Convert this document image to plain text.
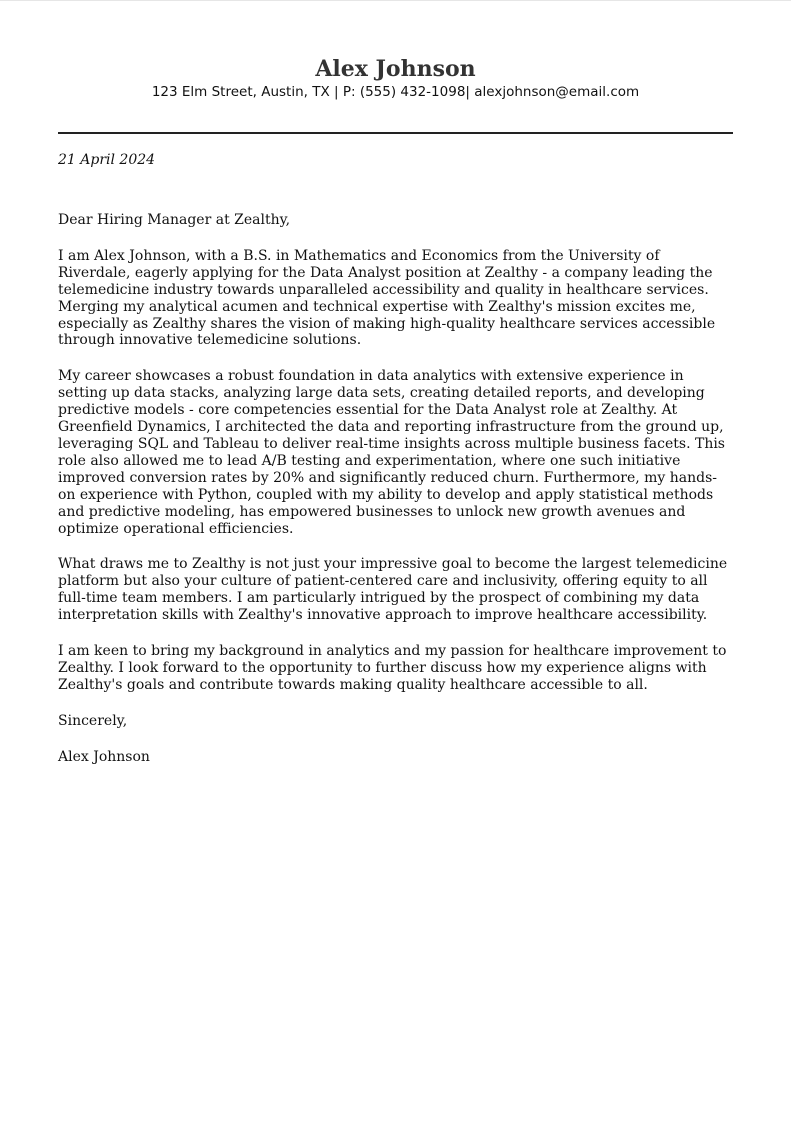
Alex Johnson
123 Elm Street, Austin, TX | P: (555) 432-1098| alexjohnson@email.com
21 April 2024

Dear Hiring Manager at Zealthy,

I am Alex Johnson, with a B.S. in Mathematics and Economics from the University of Riverdale, eagerly applying for the Data Analyst position at Zealthy - a company leading the telemedicine industry towards unparalleled accessibility and quality in healthcare services. Merging my analytical acumen and technical expertise with Zealthy's mission excites me, especially as Zealthy shares the vision of making high-quality healthcare services accessible through innovative telemedicine solutions.

My career showcases a robust foundation in data analytics with extensive experience in setting up data stacks, analyzing large data sets, creating detailed reports, and developing predictive models - core competencies essential for the Data Analyst role at Zealthy. At Greenfield Dynamics, I architected the data and reporting infrastructure from the ground up, leveraging SQL and Tableau to deliver real-time insights across multiple business facets. This role also allowed me to lead A/B testing and experimentation, where one such initiative improved conversion rates by 20% and significantly reduced churn. Furthermore, my hands-on experience with Python, coupled with my ability to develop and apply statistical methods and predictive modeling, has empowered businesses to unlock new growth avenues and optimize operational efficiencies.

What draws me to Zealthy is not just your impressive goal to become the largest telemedicine platform but also your culture of patient-centered care and inclusivity, offering equity to all full-time team members. I am particularly intrigued by the prospect of combining my data interpretation skills with Zealthy's innovative approach to improve healthcare accessibility.

I am keen to bring my background in analytics and my passion for healthcare improvement to Zealthy. I look forward to the opportunity to further discuss how my experience aligns with Zealthy's goals and contribute towards making quality healthcare accessible to all.

Sincerely,

Alex Johnson
